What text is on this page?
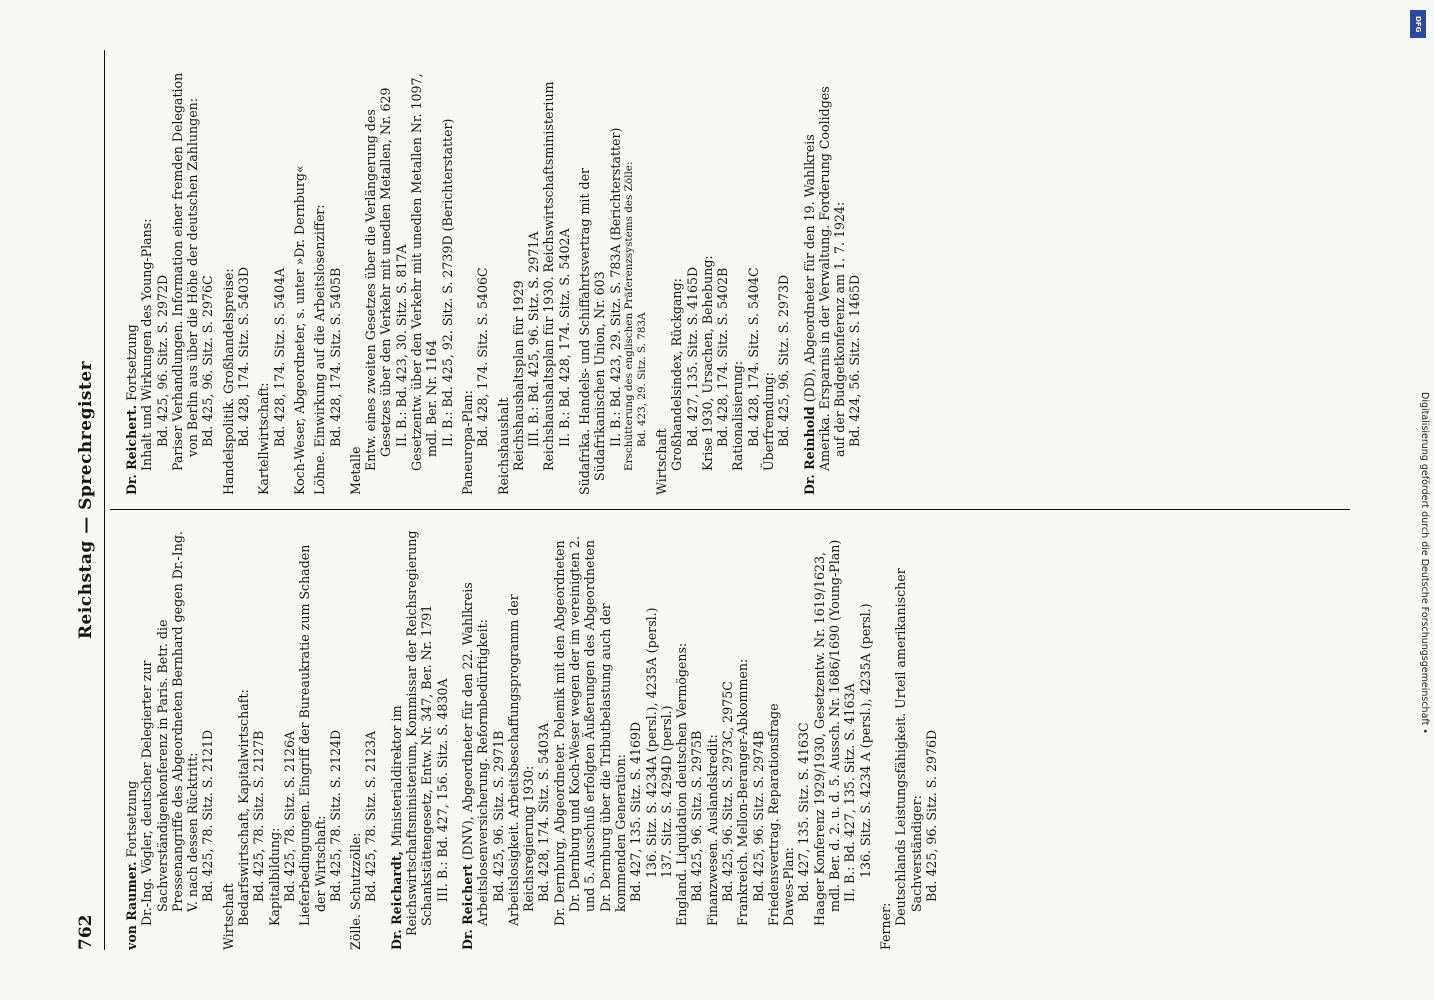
762
Reichstag — Sprechregister

von Raumer. Fortsetzung Dr.-Ing. Vögler, deutscher Delegierter zur Sachverständigenkonferenz in Paris. Betr. die Pressenangriffe des Abgeordneten Bernhard gegen Dr.-Ing. V. nach dessen Rücktritt: Bd. 425, 78. Sitz. S. 2121D

Wirtschaft Bedarfswirtschaft, Kapitalwirtschaft: Bd. 425, 78. Sitz. S. 2127B Kapitalbildung: Bd. 425, 78. Sitz. S. 2126A Lieferbedingungen. Eingriff der Bureaukratie zum Schaden der Wirtschaft: Bd. 425, 78. Sitz. S. 2124D Zölle. Schutzzölle: Bd. 425, 78. Sitz. S. 2123A Dr. Reichardt, Ministerialdirektor im Reichswirtschaftsministerium, Kommissar der Reichsregierung Schankstättengesetz, Entw. Nr. 347, Ber. Nr. 1791 III. B.: Bd. 427, 156. Sitz. S. 4830A

Dr. Reichert (DNV), Abgeordneter für den 22. Wahlkreis Arbeitslosenversicherung. Reformbedürftigkeit: Bd. 425, 96. Sitz. S. 2971B Arbeitslosigkeit. Arbeitsbeschaffungsprogramm der Reichsregierung 1930: Bd. 428, 174. Sitz. S. 5403A Dr. Dernburg, Abgeordneter. Polemik mit den Abgeordneten Dr. Dernburg und Koch-Weser wegen der im vereinigten 2. und 5. Ausschuß erfolgten Äußerungen des Abgeordneten Dr. Dernburg über die Tributbelastung auch der kommenden Generation: Bd. 427, 135. Sitz. S. 4169D 136. Sitz. S. 4234A (persl.), 4235A (persl.) 137. Sitz. S. 4294D (persl.) England. Liquidation deutschen Vermögens: Bd. 425, 96. Sitz. S. 2975B Finanzwesen. Auslandskredit: Bd. 425, 96. Sitz. S. 2973C, 2975C Frankreich. Mellon-Beranger-Abkommen: Bd. 425, 96. Sitz. S. 2974B Friedensvertrag. Reparationsfrage Dawes-Plan: Bd. 427, 135. Sitz. S. 4163C Haager Konferenz 1929/1930, Gesetzentw. Nr. 1619/1623, mdl. Ber. d. 2. u. d. 5. Aussch. Nr. 1686/1690 (Young-Plan) II. B.: Bd. 427, 135. Sitz. S. 4163A 136. Sitz. S. 4234 A (persl.), 4235A (persl.)

Ferner:

Deutschlands Leistungsfähigkeit. Urteil amerikanischer Sachverständiger: Bd. 425, 96. Sitz. S. 2976D

Dr. Reichert. Fortsetzung Inhalt und Wirkungen des Young-Plans: Bd. 425, 96. Sitz. S. 2972D Pariser Verhandlungen. Information einer fremden Delegation von Berlin aus über die Höhe der deutschen Zahlungen: Bd. 425, 96. Sitz. S. 2976C Handelspolitik. Großhandelspreise: Bd. 428, 174. Sitz. S. 5403D Kartellwirtschaft: Bd. 428, 174. Sitz. S. 5404A Koch-Weser, Abgeordneter, s. unter »Dr. Dernburg« Löhne. Einwirkung auf die Arbeitslosenziffer: Bd. 428, 174. Sitz. S. 5405B

Metalle Entw. eines zweiten Gesetzes über die Verlängerung des Gesetzes über den Verkehr mit unedlen Metallen, Nr. 629 II. B.: Bd. 423, 30. Sitz. S. 817A Gesetzentw. über den Verkehr mit unedlen Metallen Nr. 1097, mdl. Ber. Nr. 1164 II. B.: Bd. 425, 92. Sitz. S. 2739D (Berichterstatter) Paneuropa-Plan: Bd. 428, 174. Sitz. S. 5406C Reichshaushalt Reichshaushaltsplan für 1929 III. B.: Bd. 425, 96. Sitz. S. 2971A Reichshaushaltsplan für 1930. Reichswirtschaftsministerium II. B.: Bd. 428, 174. Sitz. S. 5402A Südafrika. Handels- und Schiffahrtsvertrag mit der Südafrikanischen Union, Nr. 603 II. B.: Bd. 423, 29. Sitz. S. 783A (Berichterstatter) Erschütterung des englischen Präferenzsystems des Zölle: Bd. 423, 29. Sitz. S. 783A

Wirtschaft Großhandelsindex, Rückgang: Bd. 427, 135. Sitz. S. 4165D Krise 1930, Ursachen, Behebung: Bd. 428, 174. Sitz. S. 5402B Rationalisierung: Bd. 428, 174. Sitz. S. 5404C Überfremdung: Bd. 425, 96. Sitz. S. 2973D

Dr. Reinhold (DD), Abgeordneter für den 19. Wahlkreis Amerika. Ersparnis in der Verwaltung. Forderung Coolidges auf der Budgetkonferenz am 1. 7. 1924: Bd. 424, 56. Sitz. S. 1465D

DFG
Digitalisierung gefördert durch die Deutsche Forschungsgemeinschaft •
